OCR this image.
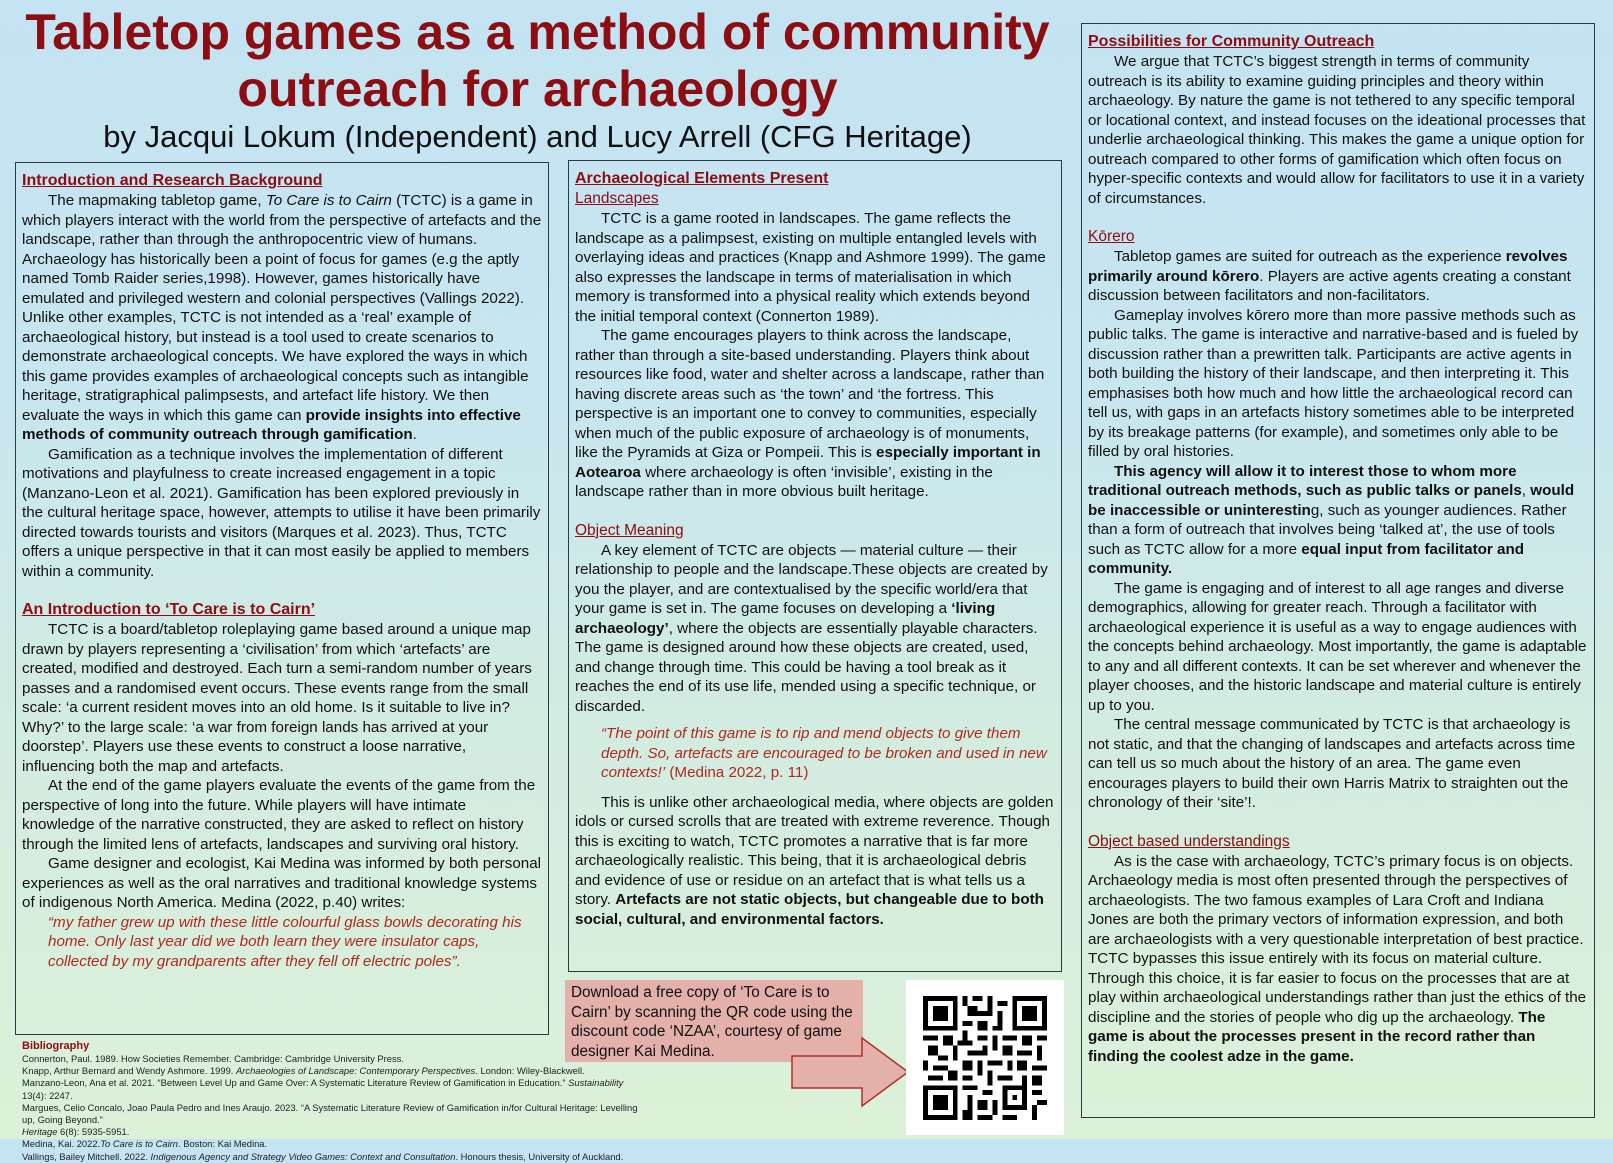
Tabletop games as a method of community
outreach for archaeology
by Jacqui Lokum (Independent) and Lucy Arrell (CFG Heritage)
Introduction and Research Background

The mapmaking tabletop game, To Care is to Cairn (TCTC) is a game in which players interact with the world from the perspective of artefacts and the landscape, rather than through the anthropocentric view of humans. Archaeology has historically been a point of focus for games (e.g the aptly named Tomb Raider series,1998). However, games historically have emulated and privileged western and colonial perspectives (Vallings 2022). Unlike other examples, TCTC is not intended as a ‘real’ example of archaeological history, but instead is a tool used to create scenarios to demonstrate archaeological concepts. We have explored the ways in which this game provides examples of archaeological concepts such as intangible heritage, stratigraphical palimpsests, and artefact life history. We then evaluate the ways in which this game can provide insights into effective methods of community outreach through gamification.

Gamification as a technique involves the implementation of different motivations and playfulness to create increased engagement in a topic (Manzano-Leon et al. 2021). Gamification has been explored previously in the cultural heritage space, however, attempts to utilise it have been primarily directed towards tourists and visitors (Marques et al. 2023). Thus, TCTC offers a unique perspective in that it can most easily be applied to members within a community.

An Introduction to ‘To Care is to Cairn’

TCTC is a board/tabletop roleplaying game based around a unique map drawn by players representing a ‘civilisation’ from which ‘artefacts’ are created, modified and destroyed. Each turn a semi-random number of years passes and a randomised event occurs. These events range from the small scale: ‘a current resident moves into an old home. Is it suitable to live in? Why?’ to the large scale: ‘a war from foreign lands has arrived at your doorstep’. Players use these events to construct a loose narrative, influencing both the map and artefacts.

At the end of the game players evaluate the events of the game from the perspective of long into the future. While players will have intimate knowledge of the narrative constructed, they are asked to reflect on history through the limited lens of artefacts, landscapes and surviving oral history.

Game designer and ecologist, Kai Medina was informed by both personal experiences as well as the oral narratives and traditional knowledge systems of indigenous North America. Medina (2022, p.40) writes:

“my father grew up with these little colourful glass bowls decorating his home. Only last year did we both learn they were insulator caps, collected by my grandparents after they fell off electric poles”.
Archaeological Elements Present
Landscapes

TCTC is a game rooted in landscapes. The game reflects the landscape as a palimpsest, existing on multiple entangled levels with overlaying ideas and practices (Knapp and Ashmore 1999). The game also expresses the landscape in terms of materialisation in which memory is transformed into a physical reality which extends beyond the initial temporal context (Connerton 1989).

The game encourages players to think across the landscape, rather than through a site-based understanding. Players think about resources like food, water and shelter across a landscape, rather than having discrete areas such as ‘the town’ and ‘the fortress. This perspective is an important one to convey to communities, especially when much of the public exposure of archaeology is of monuments, like the Pyramids at Giza or Pompeii. This is especially important in Aotearoa where archaeology is often ‘invisible’, existing in the landscape rather than in more obvious built heritage.

Object Meaning

A key element of TCTC are objects — material culture — their relationship to people and the landscape.These objects are created by you the player, and are contextualised by the specific world/era that your game is set in. The game focuses on developing a ‘living archaeology’, where the objects are essentially playable characters. The game is designed around how these objects are created, used, and change through time. This could be having a tool break as it reaches the end of its use life, mended using a specific technique, or discarded.

“The point of this game is to rip and mend objects to give them depth. So, artefacts are encouraged to be broken and used in new contexts!’ (Medina 2022, p. 11)

This is unlike other archaeological media, where objects are golden idols or cursed scrolls that are treated with extreme reverence. Though this is exciting to watch, TCTC promotes a narrative that is far more archaeologically realistic. This being, that it is archaeological debris and evidence of use or residue on an artefact that is what tells us a story. Artefacts are not static objects, but changeable due to both social, cultural, and environmental factors.

Possibilities for Community Outreach

We argue that TCTC’s biggest strength in terms of community outreach is its ability to examine guiding principles and theory within archaeology. By nature the game is not tethered to any specific temporal or locational context, and instead focuses on the ideational processes that underlie archaeological thinking. This makes the game a unique option for outreach compared to other forms of gamification which often focus on hyper-specific contexts and would allow for facilitators to use it in a variety of circumstances.

Kōrero

Tabletop games are suited for outreach as the experience revolves primarily around kōrero. Players are active agents creating a constant discussion between facilitators and non-facilitators.

Gameplay involves kōrero more than more passive methods such as public talks. The game is interactive and narrative-based and is fueled by discussion rather than a prewritten talk. Participants are active agents in both building the history of their landscape, and then interpreting it. This emphasises both how much and how little the archaeological record can tell us, with gaps in an artefacts history sometimes able to be interpreted by its breakage patterns (for example), and sometimes only able to be filled by oral histories.

This agency will allow it to interest those to whom more traditional outreach methods, such as public talks or panels, would be inaccessible or uninteresting, such as younger audiences. Rather than a form of outreach that involves being ‘talked at’, the use of tools such as TCTC allow for a more equal input from facilitator and community.

The game is engaging and of interest to all age ranges and diverse demographics, allowing for greater reach. Through a facilitator with archaeological experience it is useful as a way to engage audiences with the concepts behind archaeology. Most importantly, the game is adaptable to any and all different contexts. It can be set wherever and whenever the player chooses, and the historic landscape and material culture is entirely up to you.

The central message communicated by TCTC is that archaeology is not static, and that the changing of landscapes and artefacts across time can tell us so much about the history of an area. The game even encourages players to build their own Harris Matrix to straighten out the chronology of their ‘site’!.

Object based understandings

As is the case with archaeology, TCTC’s primary focus is on objects. Archaeology media is most often presented through the perspectives of archaeologists. The two famous examples of Lara Croft and Indiana Jones are both the primary vectors of information expression, and both are archaeologists with a very questionable interpretation of best practice. TCTC bypasses this issue entirely with its focus on material culture. Through this choice, it is far easier to focus on the processes that are at play within archaeological understandings rather than just the ethics of the discipline and the stories of people who dig up the archaeology. The game is about the processes present in the record rather than finding the coolest adze in the game.

Bibliography
Connerton, Paul. 1989. How Societies Remember. Cambridge: Cambridge University Press.
Knapp, Arthur Bernard and Wendy Ashmore. 1999. Archaeologies of Landscape: Contemporary Perspectives. London: Wiley-Blackwell.
Manzano-Leon, Ana et al. 2021. “Between Level Up and Game Over: A Systematic Literature Review of Gamification in Education.” Sustainability 13(4): 2247.
Margues, Celio Concalo, Joao Paula Pedro and Ines Araujo. 2023. “A Systematic Literature Review of Gamification in/for Cultural Heritage: Levelling up, Going Beyond.”
Heritage 6(8): 5935-5951.
Medina, Kai. 2022.To Care is to Cairn. Boston: Kai Medina.
Vallings, Bailey Mitchell. 2022. Indigenous Agency and Strategy Video Games: Context and Consultation. Honours thesis, University of Auckland.
Download a free copy of ‘To Care is to Cairn’ by scanning the QR code using the discount code ‘NZAA’, courtesy of game designer Kai Medina.
